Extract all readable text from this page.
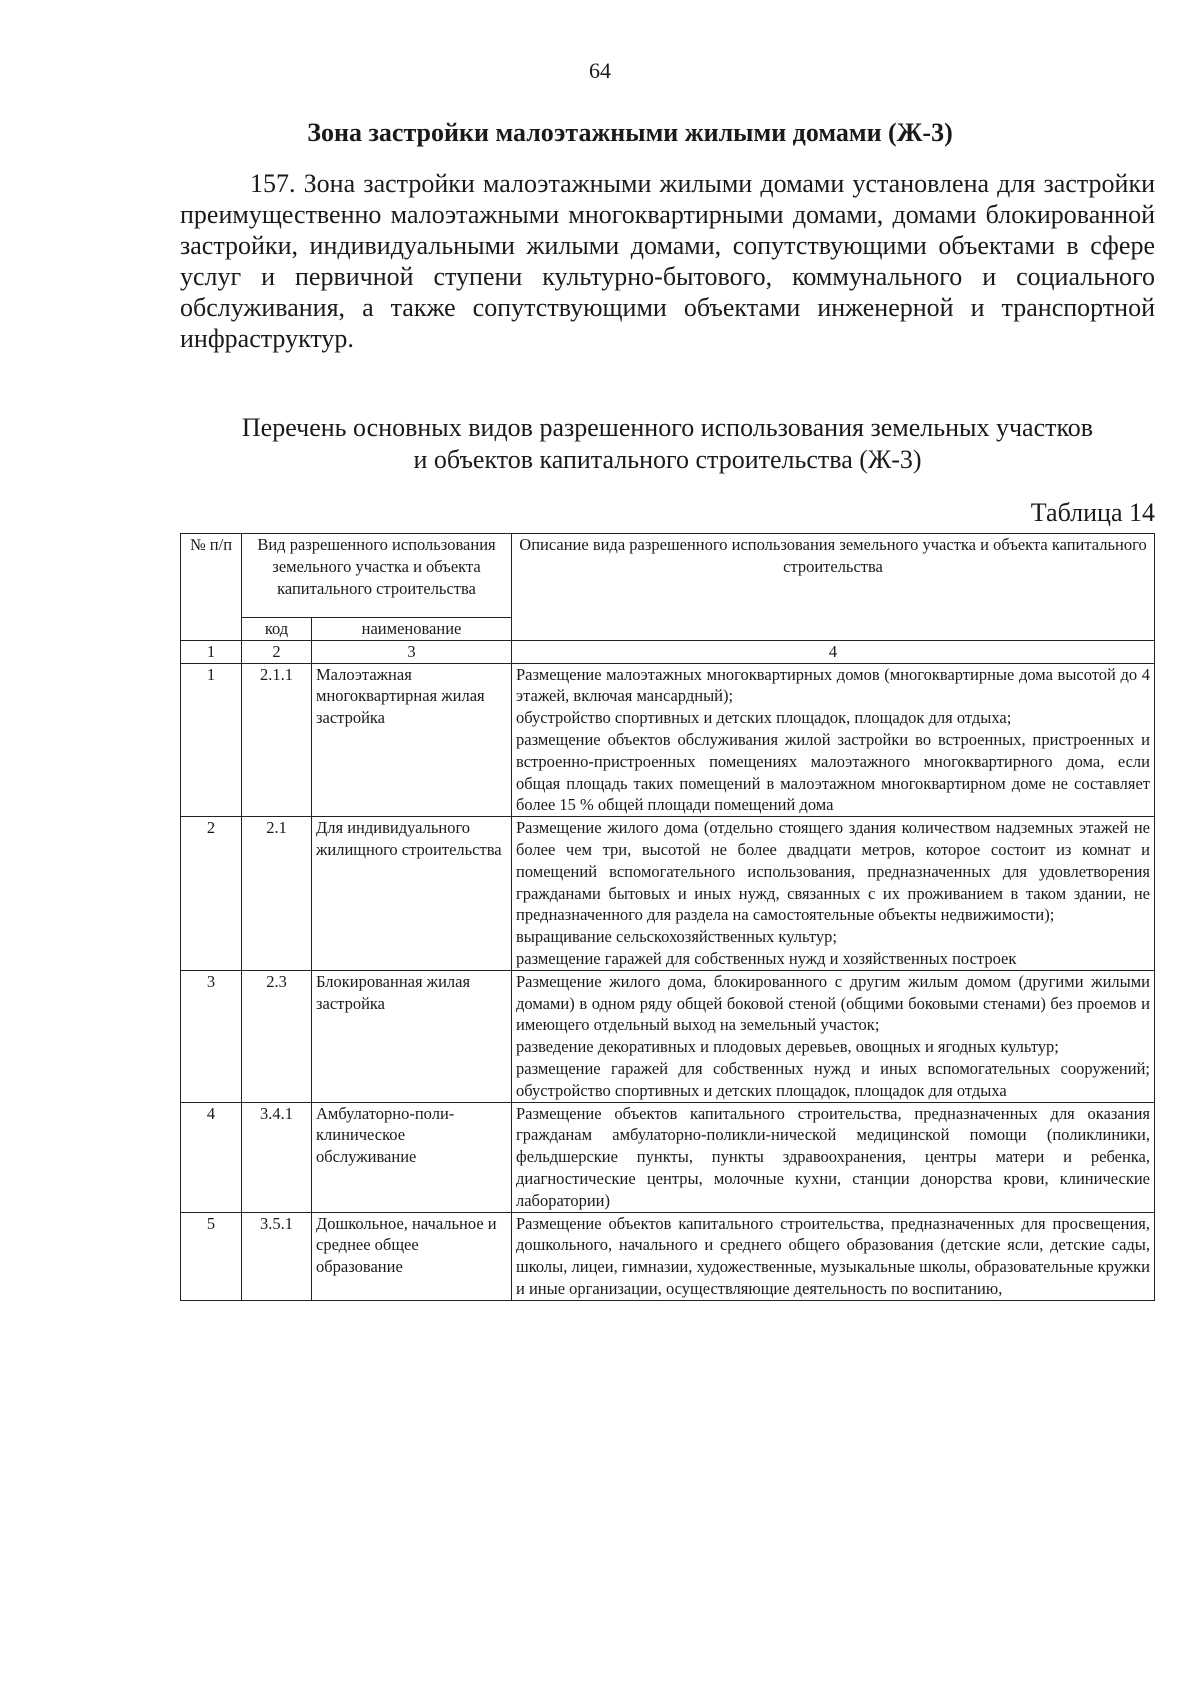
64
Зона застройки малоэтажными жилыми домами (Ж-3)
157. Зона застройки малоэтажными жилыми домами установлена для застройки преимущественно малоэтажными многоквартирными домами, домами блокированной застройки, индивидуальными жилыми домами, сопутствующими объектами в сфере услуг и первичной ступени культурно-бытового, коммунального и социального обслуживания, а также сопутствующими объектами инженерной и транспортной инфраструктур.
Перечень основных видов разрешенного использования земельных участков
и объектов капитального строительства (Ж-3)
Таблица 14
№ п/п	Вид разрешенного использования земельного участка и объекта капитального строительства		Описание вида разрешенного использования земельного участка и объекта капитального строительства
	код	наименование	
1	2	3	4
1	2.1.1	Малоэтажная многоквартирная жилая застройка	Размещение малоэтажных многоквартирных домов (многоквартирные дома высотой до 4 этажей, включая мансардный);
обустройство спортивных и детских площадок, площадок для отдыха;
размещение объектов обслуживания жилой застройки во встроенных, пристроенных и встроенно-пристроенных помещениях малоэтажного многоквартирного дома, если общая площадь таких помещений в малоэтажном многоквартирном доме не составляет более 15 % общей площади помещений дома

2	2.1	Для индивидуального жилищного строительства	Размещение жилого дома (отдельно стоящего здания количеством надземных этажей не более чем три, высотой не более двадцати метров, которое состоит из комнат и помещений вспомогательного использования, предназначенных для удовлетворения гражданами бытовых и иных нужд, связанных с их проживанием в таком здании, не предназначенного для раздела на самостоятельные объекты недвижимости);
выращивание сельскохозяйственных культур;
размещение гаражей для собственных нужд и хозяйственных построек

3	2.3	Блокированная жилая застройка	Размещение жилого дома, блокированного с другим жилым домом (другими жилыми домами) в одном ряду общей боковой стеной (общими боковыми стенами) без проемов и имеющего отдельный выход на земельный участок;
разведение декоративных и плодовых деревьев, овощных и ягодных культур;
размещение гаражей для собственных нужд и иных вспомогательных сооружений; обустройство спортивных и детских площадок, площадок для отдыха

4	3.4.1	Амбулаторно-поли-клиническое обслуживание	Размещение объектов капитального строительства, предназначенных для оказания гражданам амбулаторно-поликли-нической медицинской помощи (поликлиники, фельдшерские пункты, пункты здравоохранения, центры матери и ребенка, диагностические центры, молочные кухни, станции донорства крови, клинические лаборатории)

5	3.5.1	Дошкольное, начальное и среднее общее образование	Размещение объектов капитального строительства, предназначенных для просвещения, дошкольного, начального и среднего общего образования (детские ясли, детские сады, школы, лицеи, гимназии, художественные, музыкальные школы, образовательные кружки и иные организации, осуществляющие деятельность по воспитанию,
